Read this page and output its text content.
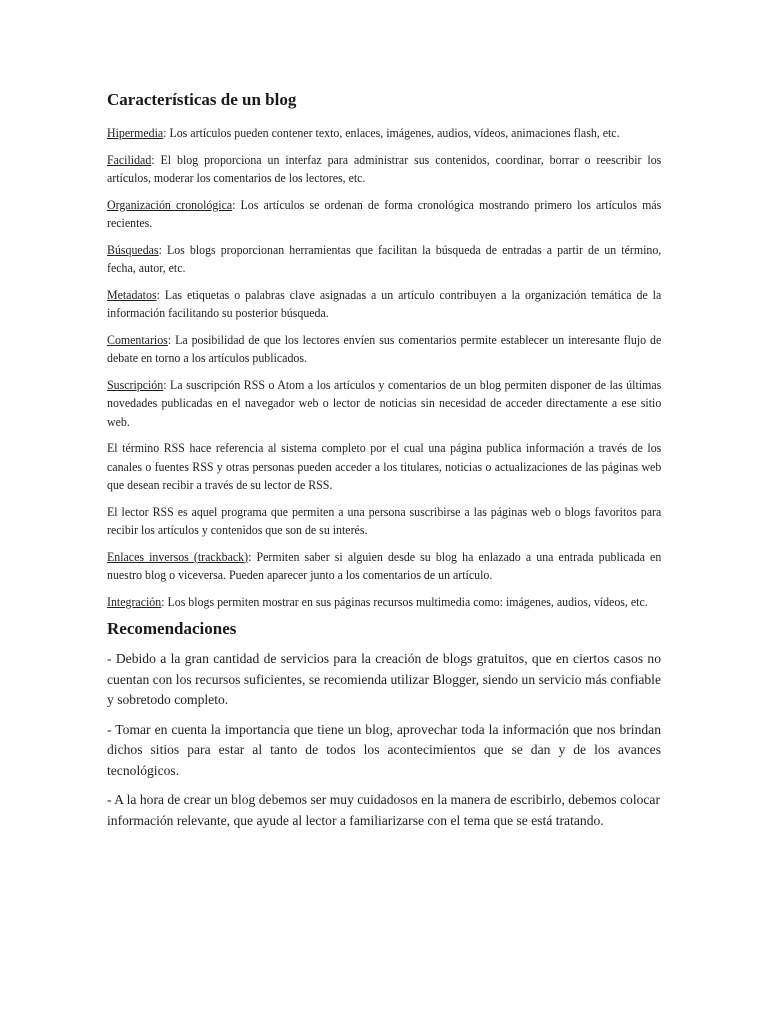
Características de un blog

Hipermedia: Los artículos pueden contener texto, enlaces, imágenes, audios, vídeos, animaciones flash, etc.

Facilidad: El blog proporciona un interfaz para administrar sus contenidos, coordinar, borrar o reescribir los artículos, moderar los comentarios de los lectores, etc.

Organización cronológica: Los artículos se ordenan de forma cronológica mostrando primero los artículos más recientes.

Búsquedas: Los blogs proporcionan herramientas que facilitan la búsqueda de entradas a partir de un término, fecha, autor, etc.

Metadatos: Las etiquetas o palabras clave asignadas a un artículo contribuyen a la organización temática de la información facilitando su posterior búsqueda.

Comentarios: La posibilidad de que los lectores envíen sus comentarios permite establecer un interesante flujo de debate en torno a los artículos publicados.

Suscripción: La suscripción RSS o Atom a los artículos y comentarios de un blog permiten disponer de las últimas novedades publicadas en el navegador web o lector de noticias sin necesidad de acceder directamente a ese sitio web.

El término RSS hace referencia al sistema completo por el cual una página publica información a través de los canales o fuentes RSS y otras personas pueden acceder a los titulares, noticias o actualizaciones de las páginas web que desean recibir a través de su lector de RSS.

El lector RSS es aquel programa que permiten a una persona suscribirse a las páginas web o blogs favoritos para recibir los artículos y contenidos que son de su interés.

Enlaces inversos (trackback): Permiten saber si alguien desde su blog ha enlazado a una entrada publicada en nuestro blog o viceversa. Pueden aparecer junto a los comentarios de un artículo.

Integración: Los blogs permiten mostrar en sus páginas recursos multimedia como: imágenes, audios, vídeos, etc.

Recomendaciones

- Debido a la gran cantidad de servicios para la creación de blogs gratuitos, que en ciertos casos no cuentan con los recursos suficientes, se recomienda utilizar Blogger, siendo un servicio más confiable y sobretodo completo.

- Tomar en cuenta la importancia que tiene un blog, aprovechar toda la información que nos brindan dichos sitios para estar al tanto de todos los acontecimientos que se dan y de los avances tecnológicos.

- A la hora de crear un blog debemos ser muy cuidadosos en la manera de escribirlo, debemos colocar información relevante, que ayude al lector a familiarizarse con el tema que se está tratando.
